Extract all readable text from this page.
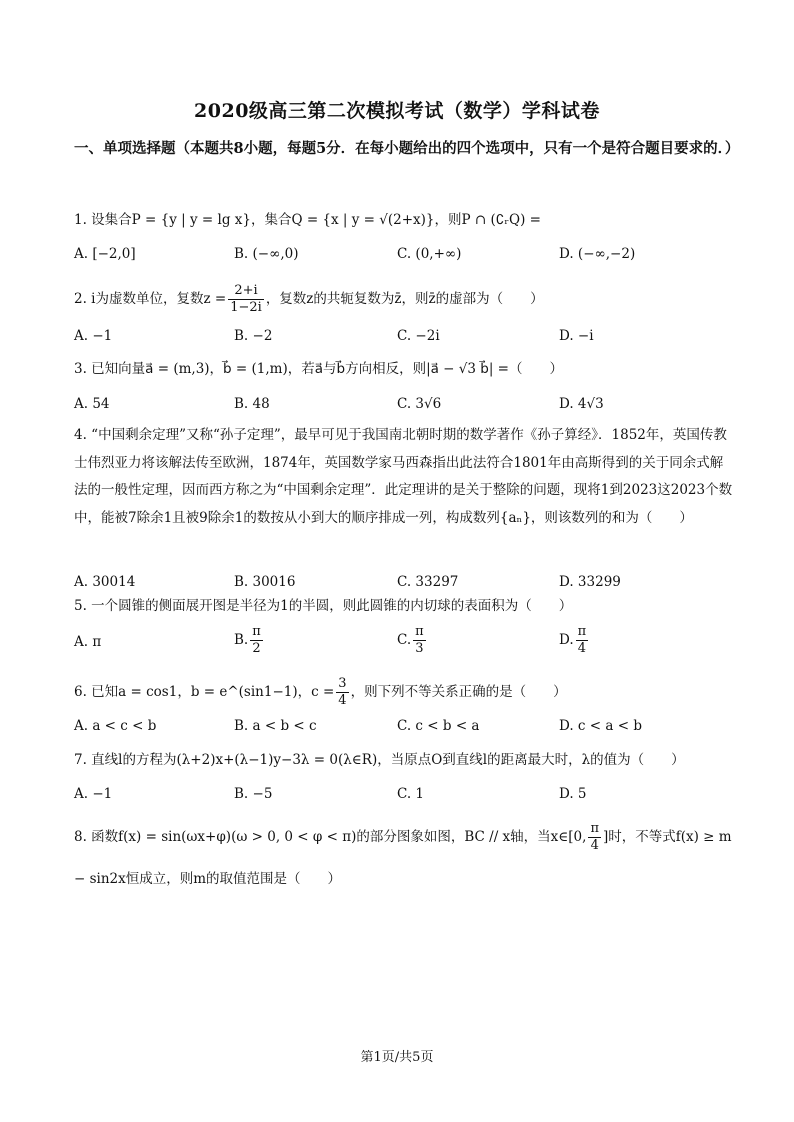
2020级高三第二次模拟考试（数学）学科试卷
一、单项选择题（本题共8小题，每题5分．在每小题给出的四个选项中，只有一个是符合题目要求的．）
1. 设集合P = {y | y = lg x}，集合Q = {x | y = √(2+x)}，则P ∩ (∁ᵣQ) =
A. [−2,0]	B. (−∞,0)	C. (0,+∞)	D. (−∞,−2)
2. i为虚数单位，复数$z = \frac{2+i}{1-2i}$ ，复数z的共轭复数为z̄，则z̄的虚部为（　　）
A. −1	B. −2	C. −2i	D. −i
3. 已知向量a⃗ = (m,3)，b⃗ = (1,m)，若a⃗与b⃗方向相反，则|a⃗ − √3 b⃗| =（　　）
A. 54	B. 48	C. 3√6	D. 4√3
4. “中国剩余定理”又称“孙子定理”，最早可见于我国南北朝时期的数学著作《孙子算经》．1852年，英国传教士伟烈亚力将该解法传至欧洲，1874年，英国数学家马西森指出此法符合1801年由高斯得到的关于同余式解法的一般性定理，因而西方称之为“中国剩余定理”．此定理讲的是关于整除的问题，现将1到2023这2023个数中，能被7除余1且被9除余1的数按从小到大的顺序排成一列，构成数列{aₙ}，则该数列的和为（　　）
A. 30014	B. 30016	C. 33297	D. 33299
5. 一个圆锥的侧面展开图是半径为1的半圆，则此圆锥的内切球的表面积为（　　）
A. π	B. $\frac{\pi}{2}$	C. $\frac{\pi}{3}$	D. $\frac{\pi}{4}$
6. 已知a = cos1，b = e^(sin1−1)，$c = \frac{3}{4}$ ，则下列不等关系正确的是（　　）
A. a < c < b	B. a < b < c	C. c < b < a	D. c < a < b
7. 直线l的方程为(λ+2)x+(λ−1)y−3λ = 0(λ∈R)，当原点O到直线l的距离最大时，λ的值为（　　）
A. −1	B. −5	C. 1	D. 5
8. 函数f(x) = sin(ωx+φ)(ω > 0, 0 < φ < π)的部分图象如图，BC // x轴，当x∈[0, $\frac{\pi}{4}$ ]时，不等式f(x) ≥ m − sin2x恒成立，则m的取值范围是（　　）
第1页/共5页
